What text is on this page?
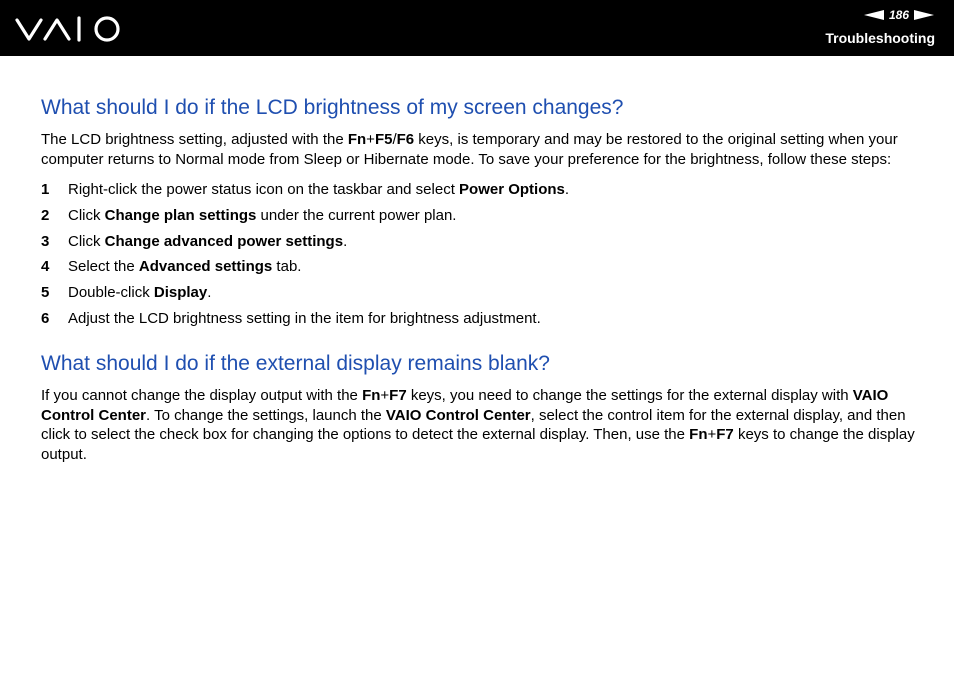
186
Troubleshooting
What should I do if the LCD brightness of my screen changes?

The LCD brightness setting, adjusted with the Fn+F5/F6 keys, is temporary and may be restored to the original setting when your computer returns to Normal mode from Sleep or Hibernate mode. To save your preference for the brightness, follow these steps:

1	Right-click the power status icon on the taskbar and select Power Options.
2	Click Change plan settings under the current power plan.
3	Click Change advanced power settings.
4	Select the Advanced settings tab.
5	Double-click Display.
6	Adjust the LCD brightness setting in the item for brightness adjustment.
What should I do if the external display remains blank?

If you cannot change the display output with the Fn+F7 keys, you need to change the settings for the external display with VAIO Control Center. To change the settings, launch the VAIO Control Center, select the control item for the external display, and then click to select the check box for changing the options to detect the external display. Then, use the Fn+F7 keys to change the display output.
